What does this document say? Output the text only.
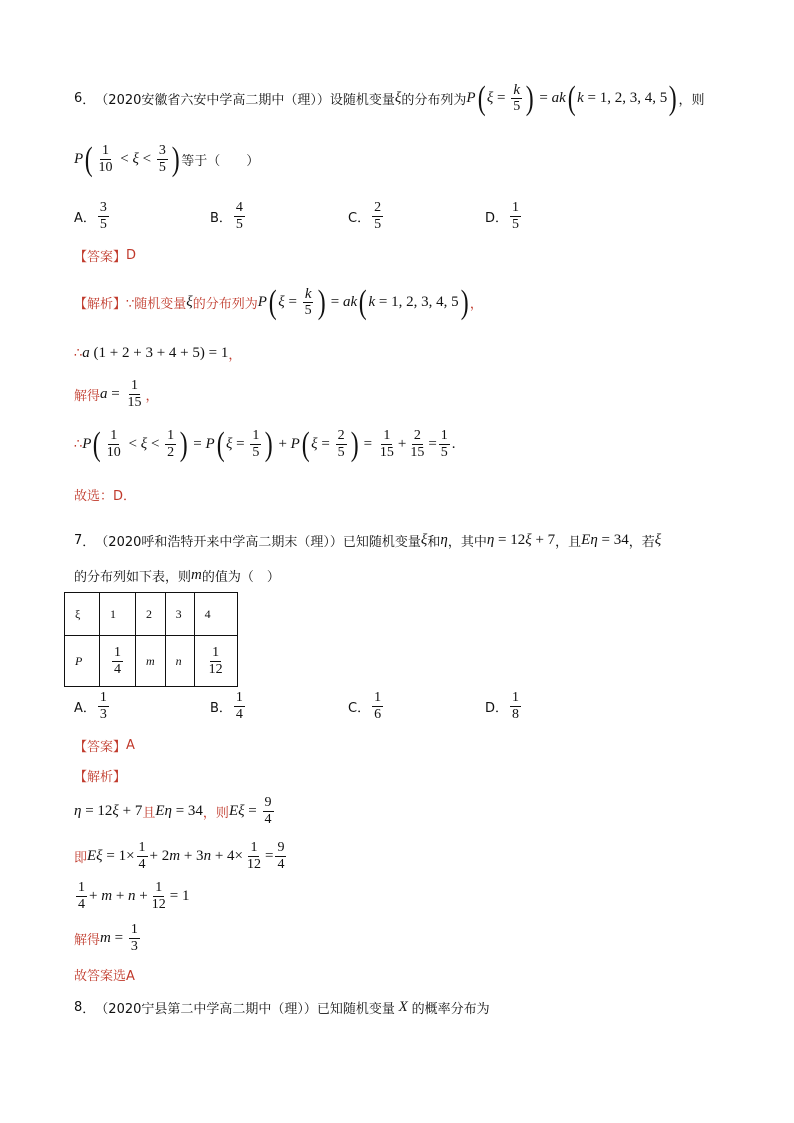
6 ． （2020安徽省六安中学高二期中（理）） 设随机变量 ξ 的分布列为 P ( $\xi = \frac{k}{5}$ ) = ak ( k = 1, 2, 3, 4, 5 ) ，则
P ( $\frac{1}{10} < \xi < \frac{3}{5}$ ) 等于（　　）
A． $\frac{3}{5}$	B． $\frac{4}{5}$	C． $\frac{2}{5}$	D． $\frac{1}{5}$
【答案】 D
【解析】 ∵随机变量 ξ 的分布列为 P ( $\xi = \frac{k}{5}$ ) = ak ( k = 1, 2, 3, 4, 5 ) ，
∴ a (1 + 2 + 3 + 4 + 5) = 1 ，
解得 $a = \frac{1}{15}$ ，
∴ P ( $\frac{1}{10} < \xi < \frac{1}{2}$ ) = P ( $\xi = \frac{1}{5}$ ) + P ( $\xi = \frac{2}{5}$ ) = $\frac{1}{15} + \frac{2}{15} = \frac{1}{5}$ .
故选：D．
7 ． （2020呼和浩特开来中学高二期末（理）） 已知随机变量 ξ 和 η ，其中 η = 12ξ + 7 ，且 Eη = 34 ，若 ξ
的分布列如下表，则 m 的值为（　）
ξ	1	2	3	4
P	$\frac{1}{4}$	m	n	$\frac{1}{12}$
A． $\frac{1}{3}$	B． $\frac{1}{4}$	C． $\frac{1}{6}$	D． $\frac{1}{8}$
【答案】 A
【解析】
η = 12ξ + 7 且 Eη = 34 ，则 $E\xi = \frac{9}{4}$
即 $E\xi = 1\times \frac{1}{4} + 2m + 3n + 4\times \frac{1}{12} = \frac{9}{4}$
$\frac{1}{4} + m + n + \frac{1}{12} = 1$
解得 $m = \frac{1}{3}$
故答案选A
8 ． （2020宁县第二中学高二期中（理）） 已知随机变量 X 的概率分布为
